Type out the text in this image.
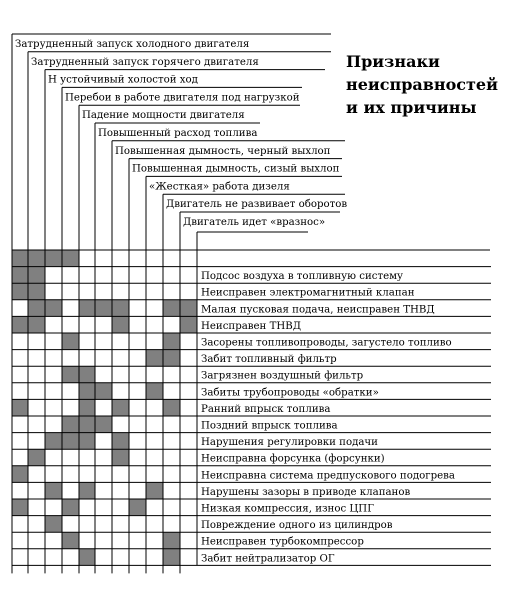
Затрудненный запуск холодного двигателя
Затрудненный запуск горячего двигателя
Н устойчивый холостой ход
Перебои в работе двигателя под нагрузкой
Падение мощности двигателя
Повышенный расход топлива
Повышенная дымность, черный выхлоп
Повышенная дымность, сизый выхлоп
«Жесткая» работа дизеля
Двигатель не развивает оборотов
Двигатель идет «вразнос»
Подсос воздуха в топливную систему
Неисправен электромагнитный клапан
Малая пусковая подача, неисправен ТНВД
Неисправен ТНВД
Засорены топливопроводы, загустело топливо
Забит топливный фильтр
Загрязнен воздушный фильтр
Забиты трубопроводы «обратки»
Ранний впрыск топлива
Поздний впрыск топлива
Нарушения регулировки подачи
Неисправна форсунка (форсунки)
Неисправна система предпускового подогрева
Нарушены зазоры в приводе клапанов
Низкая компрессия, износ ЦПГ
Повреждение одного из цилиндров
Неисправен турбокомпрессор
Забит нейтрализатор ОГ
Признаки
неисправностей
и их причины
